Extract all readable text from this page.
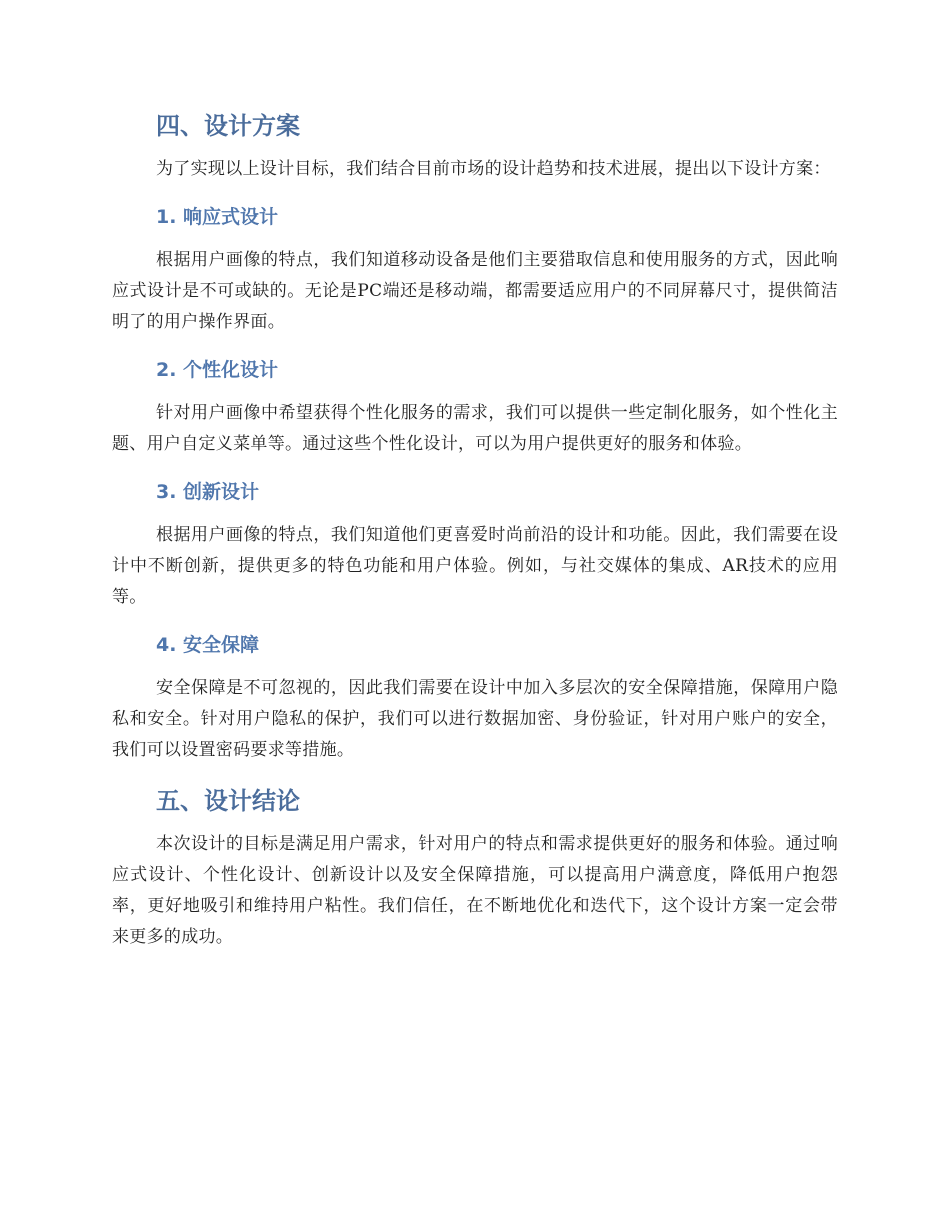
四、设计方案

为了实现以上设计目标，我们结合目前市场的设计趋势和技术进展，提出以下设计方案：

1. 响应式设计

根据用户画像的特点，我们知道移动设备是他们主要猎取信息和使用服务的方式，因此响应式设计是不可或缺的。无论是PC端还是移动端，都需要适应用户的不同屏幕尺寸，提供简洁明了的用户操作界面。

2. 个性化设计

针对用户画像中希望获得个性化服务的需求，我们可以提供一些定制化服务，如个性化主题、用户自定义菜单等。通过这些个性化设计，可以为用户提供更好的服务和体验。

3. 创新设计

根据用户画像的特点，我们知道他们更喜爱时尚前沿的设计和功能。因此，我们需要在设计中不断创新，提供更多的特色功能和用户体验。例如，与社交媒体的集成、AR技术的应用等。

4. 安全保障

安全保障是不可忽视的，因此我们需要在设计中加入多层次的安全保障措施，保障用户隐私和安全。针对用户隐私的保护，我们可以进行数据加密、身份验证，针对用户账户的安全，我们可以设置密码要求等措施。

五、设计结论

本次设计的目标是满足用户需求，针对用户的特点和需求提供更好的服务和体验。通过响应式设计、个性化设计、创新设计以及安全保障措施，可以提高用户满意度，降低用户抱怨率，更好地吸引和维持用户粘性。我们信任，在不断地优化和迭代下，这个设计方案一定会带来更多的成功。
